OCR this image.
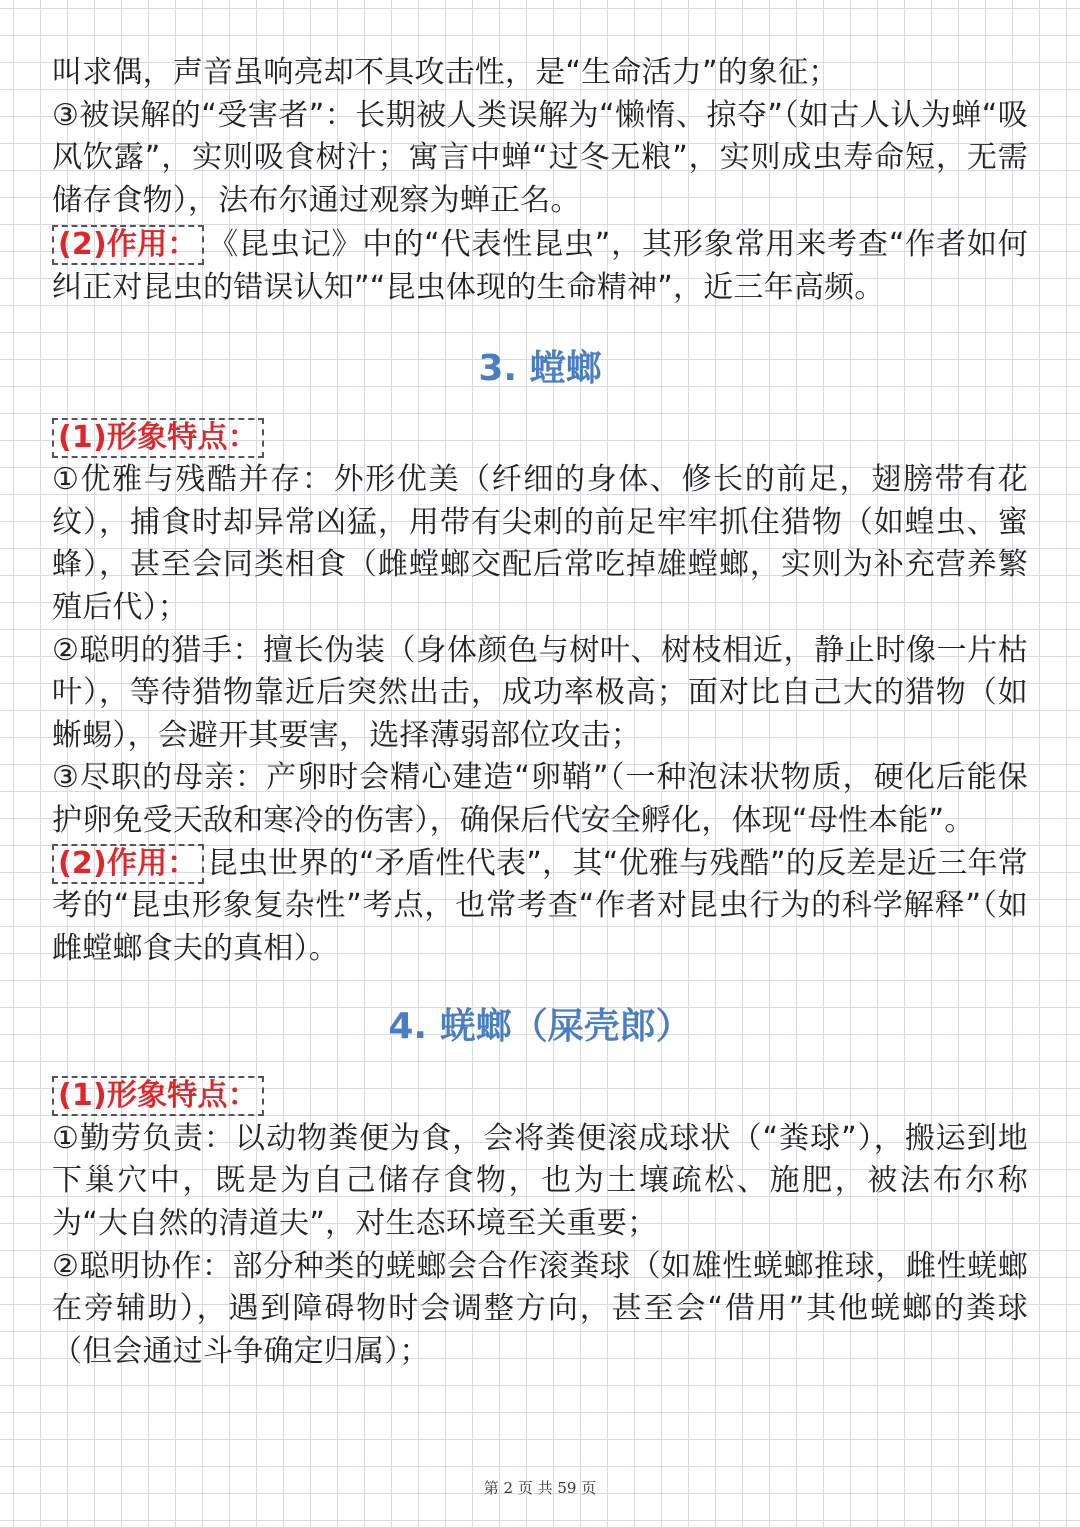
叫求偶，声音虽响亮却不具攻击性，是“生命活力”的象征；

③被误解的“受害者”：长期被人类误解为“懒惰、掠夺”（如古人认为蝉“吸风饮露”，实则吸食树汁；寓言中蝉“过冬无粮”，实则成虫寿命短，无需储存食物），法布尔通过观察为蝉正名。

(2)作用： 《昆虫记》中的“代表性昆虫”，其形象常用来考查“作者如何纠正对昆虫的错误认知”“昆虫体现的生命精神”，近三年高频。

3. 螳螂

(1)形象特点：

①优雅与残酷并存：外形优美（纤细的身体、修长的前足，翅膀带有花纹），捕食时却异常凶猛，用带有尖刺的前足牢牢抓住猎物（如蝗虫、蜜蜂），甚至会同类相食（雌螳螂交配后常吃掉雄螳螂，实则为补充营养繁殖后代）；

②聪明的猎手：擅长伪装（身体颜色与树叶、树枝相近，静止时像一片枯叶），等待猎物靠近后突然出击，成功率极高；面对比自己大的猎物（如蜥蜴），会避开其要害，选择薄弱部位攻击；

③尽职的母亲：产卵时会精心建造“卵鞘”（一种泡沫状物质，硬化后能保护卵免受天敌和寒冷的伤害），确保后代安全孵化，体现“母性本能”。

(2)作用： 昆虫世界的“矛盾性代表”，其“优雅与残酷”的反差是近三年常考的“昆虫形象复杂性”考点，也常考查“作者对昆虫行为的科学解释”（如雌螳螂食夫的真相）。

4. 蜣螂（屎壳郎）

(1)形象特点：

①勤劳负责：以动物粪便为食，会将粪便滚成球状（“粪球”），搬运到地下巢穴中，既是为自己储存食物，也为土壤疏松、施肥，被法布尔称为“大自然的清道夫”，对生态环境至关重要；

②聪明协作：部分种类的蜣螂会合作滚粪球（如雄性蜣螂推球，雌性蜣螂在旁辅助），遇到障碍物时会调整方向，甚至会“借用”其他蜣螂的粪球（但会通过斗争确定归属）；

第 2 页 共 59 页
